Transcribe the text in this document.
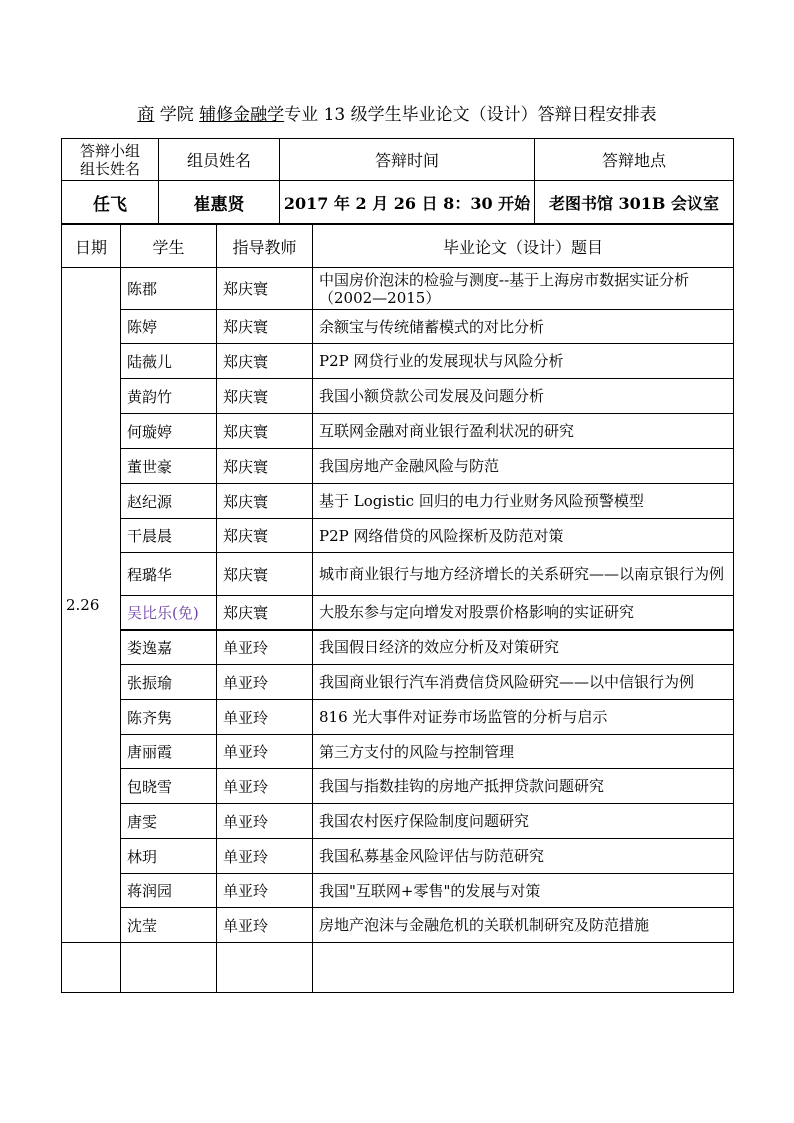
商 学院 辅修金融学专业 13 级学生毕业论文（设计）答辩日程安排表
答辩小组组长姓名	组员姓名	答辩时间	答辩地点
任飞	崔惠贤	2017 年 2 月 26 日 8：30 开始	老图书馆 301B 会议室
日期	学生	指导教师	毕业论文（设计）题目
2.26	陈郡	郑庆寰	中国房价泡沫的检验与测度--基于上海房市数据实证分析（2002—2015）
	陈婷	郑庆寰	余额宝与传统储蓄模式的对比分析
	陆薇儿	郑庆寰	P2P 网贷行业的发展现状与风险分析
	黄韵竹	郑庆寰	我国小额贷款公司发展及问题分析
	何璇婷	郑庆寰	互联网金融对商业银行盈利状况的研究
	董世豪	郑庆寰	我国房地产金融风险与防范
	赵纪源	郑庆寰	基于 Logistic 回归的电力行业财务风险预警模型
	干晨晨	郑庆寰	P2P 网络借贷的风险探析及防范对策
	程璐华	郑庆寰	城市商业银行与地方经济增长的关系研究——以南京银行为例
	吴比乐(免)	郑庆寰	大股东参与定向增发对股票价格影响的实证研究
	娄逸嘉	单亚玲	我国假日经济的效应分析及对策研究
	张振瑜	单亚玲	我国商业银行汽车消费信贷风险研究——以中信银行为例
	陈齐隽	单亚玲	816 光大事件对证券市场监管的分析与启示
	唐丽霞	单亚玲	第三方支付的风险与控制管理
	包晓雪	单亚玲	我国与指数挂钩的房地产抵押贷款问题研究
	唐雯	单亚玲	我国农村医疗保险制度问题研究
	林玥	单亚玲	我国私募基金风险评估与防范研究
	蒋润园	单亚玲	我国"互联网+零售"的发展与对策
	沈莹	单亚玲	房地产泡沫与金融危机的关联机制研究及防范措施
